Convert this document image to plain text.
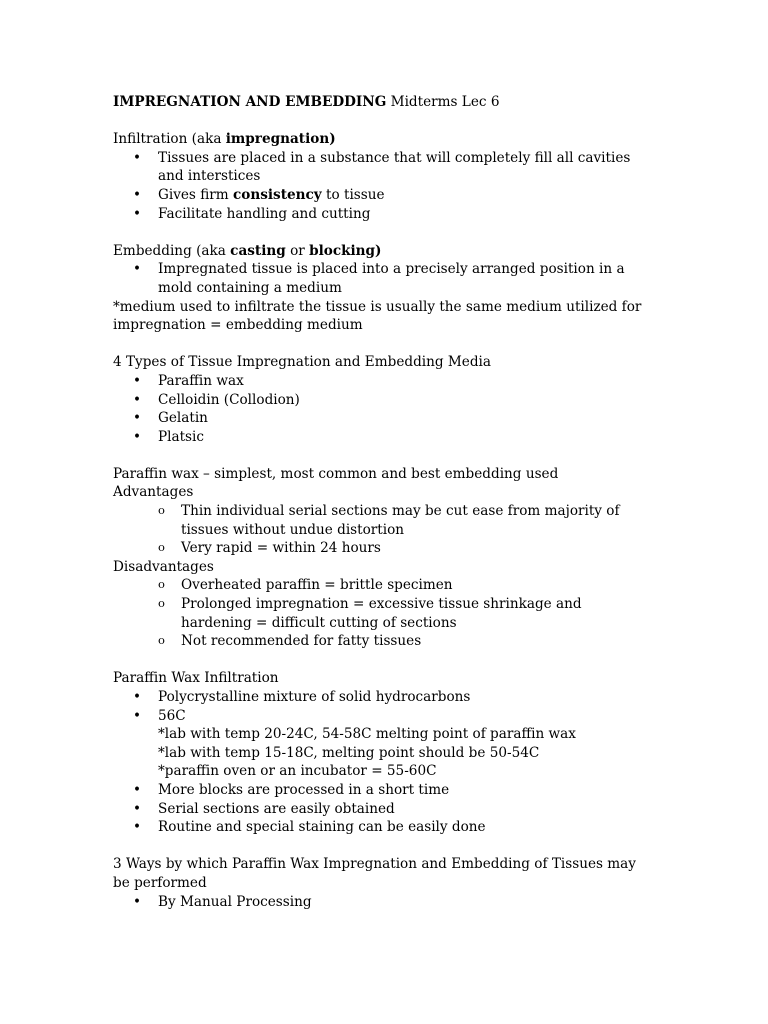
IMPREGNATION AND EMBEDDING Midterms Lec 6

Infiltration (aka impregnation)

• Tissues are placed in a substance that will completely fill all cavities and interstices
• Gives firm consistency to tissue
• Facilitate handling and cutting

Embedding (aka casting or blocking)

• Impregnated tissue is placed into a precisely arranged position in a mold containing a medium

*medium used to infiltrate the tissue is usually the same medium utilized for impregnation = embedding medium

4 Types of Tissue Impregnation and Embedding Media

• Paraffin wax
• Celloidin (Collodion)
• Gelatin
• Platsic

Paraffin wax – simplest, most common and best embedding used

Advantages

o Thin individual serial sections may be cut ease from majority of tissues without undue distortion
o Very rapid = within 24 hours

Disadvantages

o Overheated paraffin = brittle specimen
o Prolonged impregnation = excessive tissue shrinkage and hardening = difficult cutting of sections
o Not recommended for fatty tissues

Paraffin Wax Infiltration

• Polycrystalline mixture of solid hydrocarbons
• 56C
*lab with temp 20-24C, 54-58C melting point of paraffin wax
*lab with temp 15-18C, melting point should be 50-54C
*paraffin oven or an incubator = 55-60C
• More blocks are processed in a short time
• Serial sections are easily obtained
• Routine and special staining can be easily done

3 Ways by which Paraffin Wax Impregnation and Embedding of Tissues may be performed

• By Manual Processing
